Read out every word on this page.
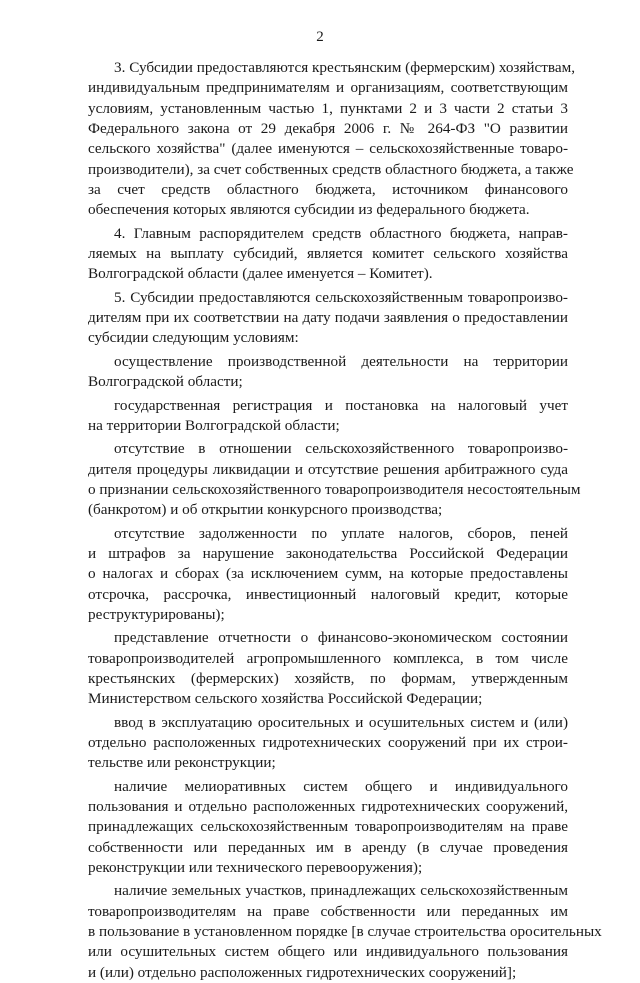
2
3. Субсидии предоставляются крестьянским (фермерским) хозяйствам,
индивидуальным предпринимателям и организациям, соответствующим
условиям, установленным частью 1, пунктами 2 и 3 части 2 статьи 3
Федерального закона от 29 декабря 2006 г. № 264-ФЗ "О развитии
сельского хозяйства" (далее именуются – сельскохозяйственные товаро-
производители), за счет собственных средств областного бюджета, а также
за счет средств областного бюджета, источником финансового
обеспечения которых являются субсидии из федерального бюджета.
4. Главным распорядителем средств областного бюджета, направ-
ляемых на выплату субсидий, является комитет сельского хозяйства
Волгоградской области (далее именуется – Комитет).
5. Субсидии предоставляются сельскохозяйственным товаропроизво-
дителям при их соответствии на дату подачи заявления о предоставлении
субсидии следующим условиям:
осуществление производственной деятельности на территории
Волгоградской области;
государственная регистрация и постановка на налоговый учет
на территории Волгоградской области;
отсутствие в отношении сельскохозяйственного товаропроизво-
дителя процедуры ликвидации и отсутствие решения арбитражного суда
о признании сельскохозяйственного товаропроизводителя несостоятельным
(банкротом) и об открытии конкурсного производства;
отсутствие задолженности по уплате налогов, сборов, пеней
и штрафов за нарушение законодательства Российской Федерации
о налогах и сборах (за исключением сумм, на которые предоставлены
отсрочка, рассрочка, инвестиционный налоговый кредит, которые
реструктурированы);
представление отчетности о финансово-экономическом состоянии
товаропроизводителей агропромышленного комплекса, в том числе
крестьянских (фермерских) хозяйств, по формам, утвержденным
Министерством сельского хозяйства Российской Федерации;
ввод в эксплуатацию оросительных и осушительных систем и (или)
отдельно расположенных гидротехнических сооружений при их строи-
тельстве или реконструкции;
наличие мелиоративных систем общего и индивидуального
пользования и отдельно расположенных гидротехнических сооружений,
принадлежащих сельскохозяйственным товаропроизводителям на праве
собственности или переданных им в аренду (в случае проведения
реконструкции или технического перевооружения);
наличие земельных участков, принадлежащих сельскохозяйственным
товаропроизводителям на праве собственности или переданных им
в пользование в установленном порядке [в случае строительства оросительных
или осушительных систем общего или индивидуального пользования
и (или) отдельно расположенных гидротехнических сооружений];
